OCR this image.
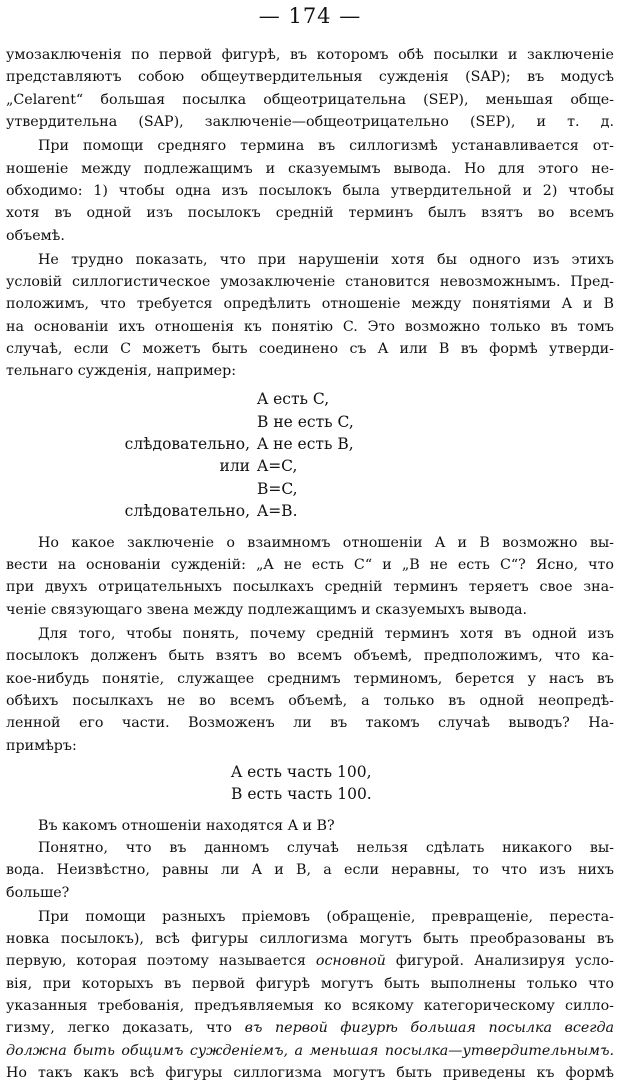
— 174 —
умозаключенія по первой фигурѣ, въ которомъ обѣ посылки и заключеніе
представляютъ собою общеутвердительныя сужденія (SAP); въ модусѣ
„Celarent“ большая посылка общеотрицательна (SEP), меньшая обще-
утвердительна (SAP), заключеніе—общеотрицательно (SEP), и т. д.
При помощи средняго термина въ силлогизмѣ устанавливается от-
ношеніе между подлежащимъ и сказуемымъ вывода. Но для этого не-
обходимо: 1) чтобы одна изъ посылокъ была утвердительной и 2) чтобы
хотя въ одной изъ посылокъ средній терминъ былъ взятъ во всемъ
объемѣ.
Не трудно показать, что при нарушеніи хотя бы одного изъ этихъ
условій силлогистическое умозаключеніе становится невозможнымъ. Пред-
положимъ, что требуется опредѣлить отношеніе между понятіями A и B
на основаніи ихъ отношенія къ понятію C. Это возможно только въ томъ
случаѣ, если C можетъ быть соединено съ A или B въ формѣ утверди-
тельнаго сужденія, например:
A есть C,
B не есть C,
слѣдовательно, A не есть B,
или A=C,
B=C,
слѣдовательно, A=B.
Но какое заключеніе о взаимномъ отношеніи A и B возможно вы-
вести на основаніи сужденій: „A не есть C“ и „B не есть C“? Ясно, что
при двухъ отрицательныхъ посылкахъ средній терминъ теряетъ свое зна-
ченіе связующаго звена между подлежащимъ и сказуемыхъ вывода.
Для того, чтобы понять, почему средній терминъ хотя въ одной изъ
посылокъ долженъ быть взятъ во всемъ объемѣ, предположимъ, что ка-
кое-нибудь понятіе, служащее среднимъ терминомъ, берется у насъ въ
обѣихъ посылкахъ не во всемъ объемѣ, а только въ одной неопредѣ-
ленной его части. Возможенъ ли въ такомъ случаѣ выводъ? На-
примѣръ:
A есть часть 100,
B есть часть 100.
Въ какомъ отношеніи находятся A и B?
Понятно, что въ данномъ случаѣ нельзя сдѣлать никакого вы-
вода. Неизвѣстно, равны ли A и B, а если неравны, то что изъ нихъ
больше?
При помощи разныхъ пріемовъ (обращеніе, превращеніе, переста-
новка посылокъ), всѣ фигуры силлогизма могутъ быть преобразованы въ
первую, которая поэтому называется основной фигурой. Анализируя усло-
вія, при которыхъ въ первой фигурѣ могутъ быть выполнены только что
указанныя требованія, предъявляемыя ко всякому категорическому силло-
гизму, легко доказать, что въ первой фигурѣ большая посылка всегда
должна быть общимъ сужденіемъ, а меньшая посылка—утвердительнымъ.
Но такъ какъ всѣ фигуры силлогизма могутъ быть приведены къ формѣ
